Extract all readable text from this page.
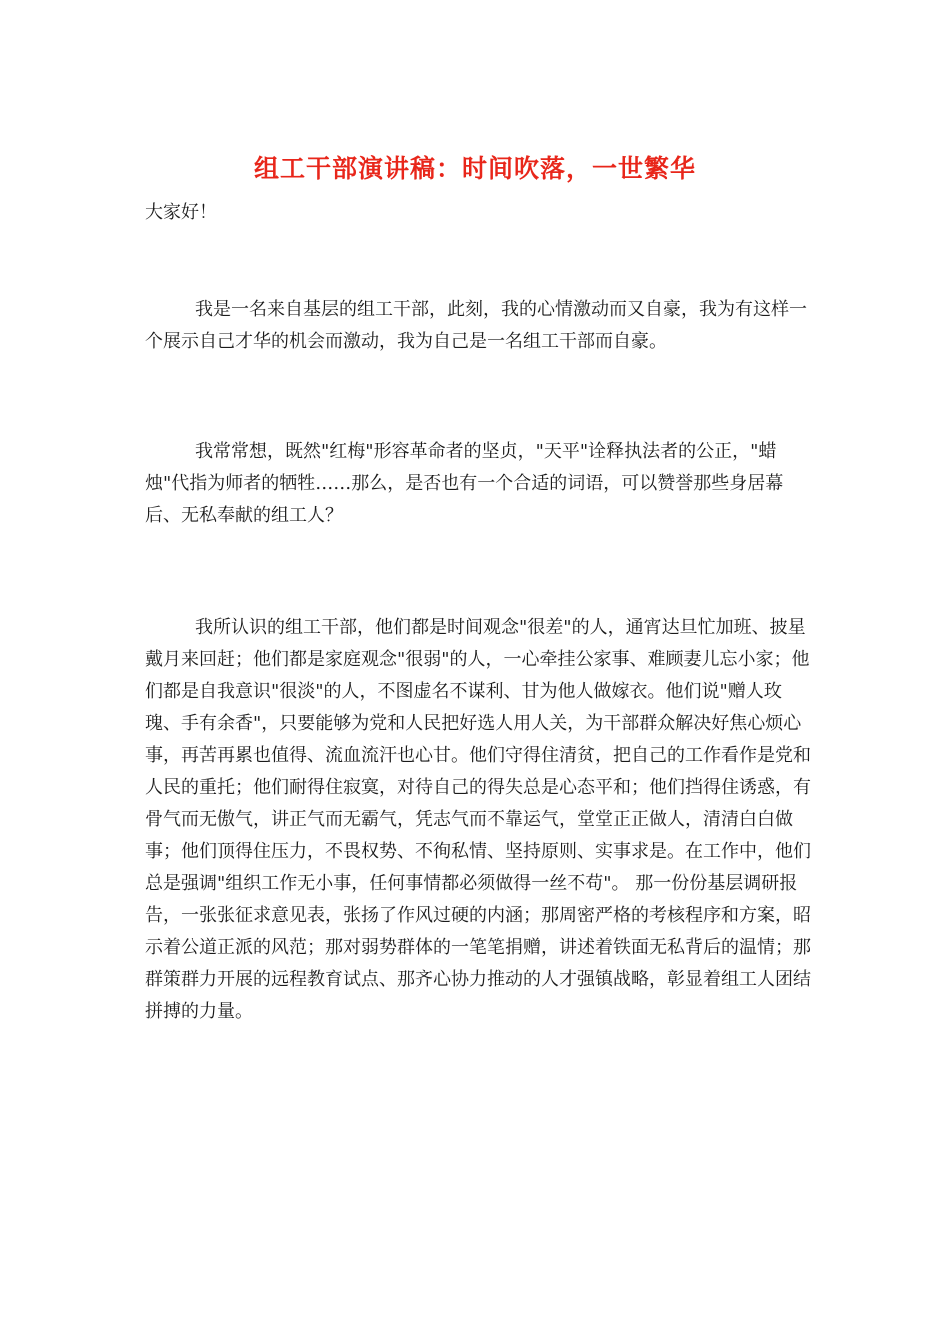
组工干部演讲稿：时间吹落，一世繁华
大家好！

我是一名来自基层的组工干部，此刻，我的心情激动而又自豪，我为有这样一个展示自己才华的机会而激动，我为自己是一名组工干部而自豪。

我常常想，既然"红梅"形容革命者的坚贞，"天平"诠释执法者的公正，"蜡烛"代指为师者的牺牲……那么，是否也有一个合适的词语，可以赞誉那些身居幕后、无私奉献的组工人？

我所认识的组工干部，他们都是时间观念"很差"的人，通宵达旦忙加班、披星戴月来回赶；他们都是家庭观念"很弱"的人，一心牵挂公家事、难顾妻儿忘小家；他们都是自我意识"很淡"的人，不图虚名不谋利、甘为他人做嫁衣。他们说"赠人玫瑰、手有余香"，只要能够为党和人民把好选人用人关，为干部群众解决好焦心烦心事，再苦再累也值得、流血流汗也心甘。他们守得住清贫，把自己的工作看作是党和人民的重托；他们耐得住寂寞，对待自己的得失总是心态平和；他们挡得住诱惑，有骨气而无傲气，讲正气而无霸气，凭志气而不靠运气，堂堂正正做人，清清白白做事；他们顶得住压力，不畏权势、不徇私情、坚持原则、实事求是。在工作中，他们总是强调"组织工作无小事，任何事情都必须做得一丝不苟"。 那一份份基层调研报告，一张张征求意见表，张扬了作风过硬的内涵；那周密严格的考核程序和方案，昭示着公道正派的风范；那对弱势群体的一笔笔捐赠，讲述着铁面无私背后的温情；那群策群力开展的远程教育试点、那齐心协力推动的人才强镇战略，彰显着组工人团结拼搏的力量。
